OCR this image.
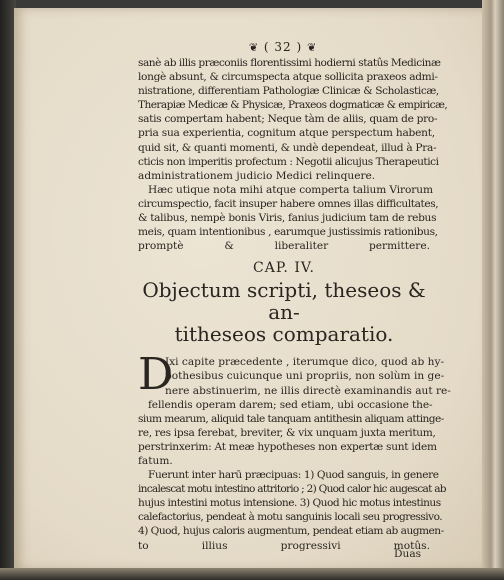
❦ ( 32 ) ❦

sanè ab illis præconiis florentissimi hodierni statûs Medicinæ
longè absunt, & circumspecta atque sollicita praxeos admi-
nistratione, differentiam Pathologiæ Clinicæ & Scholasticæ,
Therapiæ Medicæ & Physicæ, Praxeos dogmaticæ & empiricæ,
satis compertam habent; Neque tàm de aliis, quam de pro-
pria sua experientia, cognitum atque perspectum habent,
quid sit, & quanti momenti, & undè dependeat, illud à Pra-
cticis non imperitis profectum : Negotii alicujus Therapeutici
administrationem judicio Medici relinquere.

Hæc utique nota mihi atque comperta talium Virorum
circumspectio, facit insuper habere omnes illas difficultates,
& talibus, nempè bonis Viris, fanius judicium tam de rebus
meis, quam intentionibus , earumque justissimis rationibus,
promptè & liberaliter permittere.

CAP. IV.
Objectum scripti, theseos & an-
titheseos comparatio.
D

Ixi capite præcedente , iterumque dico, quod ab hy-
pothesibus cuicunque uni propriis, non solùm in ge-
nere abstinuerim, ne illis directè examinandis aut re-

fellendis operam darem; sed etiam, ubi occasione the-
sium mearum, aliquid tale tanquam antithesin aliquam attinge-
re, res ipsa ferebat, breviter, & vix unquam juxta meritum,
perstrinxerim: At meæ hypotheses non expertæ sunt idem
fatum.

Fuerunt inter harū præcipuas: 1) Quod sanguis, in genere
incalescat motu intestino attritorio ; 2) Quod calor hic augescat ab
hujus intestini motus intensione. 3) Quod hic motus intestinus
calefactorius, pendeat à motu sanguinis locali seu progressivo.
4) Quod, hujus caloris augmentum, pendeat etiam ab augmen-
to illius progressivi motûs.

Duas
